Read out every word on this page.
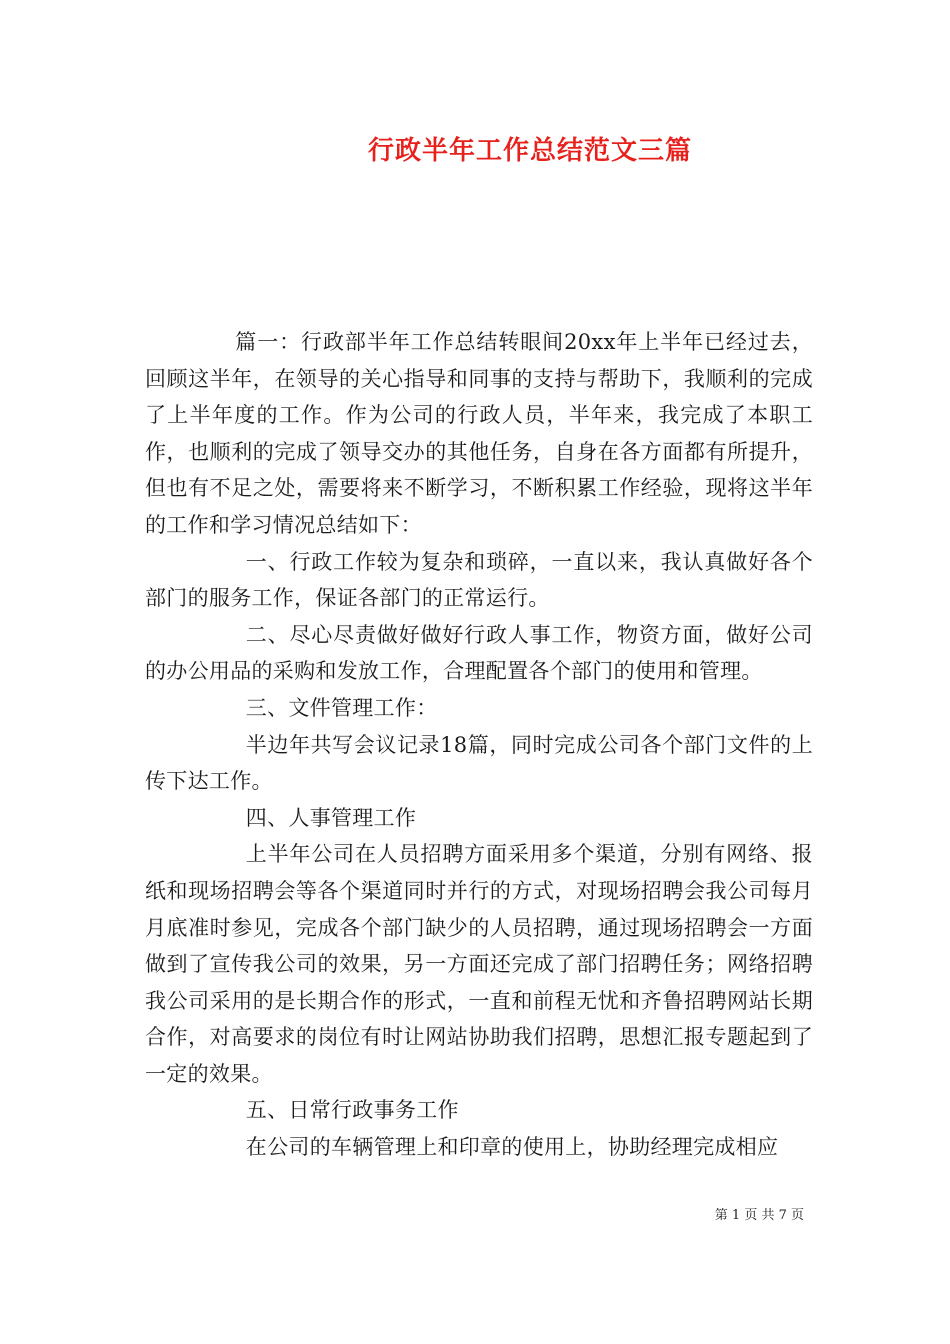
行政半年工作总结范文三篇

篇一：行政部半年工作总结转眼间20xx年上半年已经过去，回顾这半年，在领导的关心指导和同事的支持与帮助下，我顺利的完成了上半年度的工作。作为公司的行政人员，半年来，我完成了本职工作，也顺利的完成了领导交办的其他任务，自身在各方面都有所提升，但也有不足之处，需要将来不断学习，不断积累工作经验，现将这半年的工作和学习情况总结如下：

一、行政工作较为复杂和琐碎，一直以来，我认真做好各个部门的服务工作，保证各部门的正常运行。

二、尽心尽责做好做好行政人事工作，物资方面，做好公司的办公用品的采购和发放工作，合理配置各个部门的使用和管理。

三、文件管理工作：

半边年共写会议记录18篇，同时完成公司各个部门文件的上传下达工作。

四、人事管理工作

上半年公司在人员招聘方面采用多个渠道，分别有网络、报纸和现场招聘会等各个渠道同时并行的方式，对现场招聘会我公司每月月底准时参见，完成各个部门缺少的人员招聘，通过现场招聘会一方面做到了宣传我公司的效果，另一方面还完成了部门招聘任务；网络招聘我公司采用的是长期合作的形式，一直和前程无忧和齐鲁招聘网站长期合作，对高要求的岗位有时让网站协助我们招聘，思想汇报专题起到了一定的效果。

五、日常行政事务工作

在公司的车辆管理上和印章的使用上，协助经理完成相应

第 1 页 共 7 页
